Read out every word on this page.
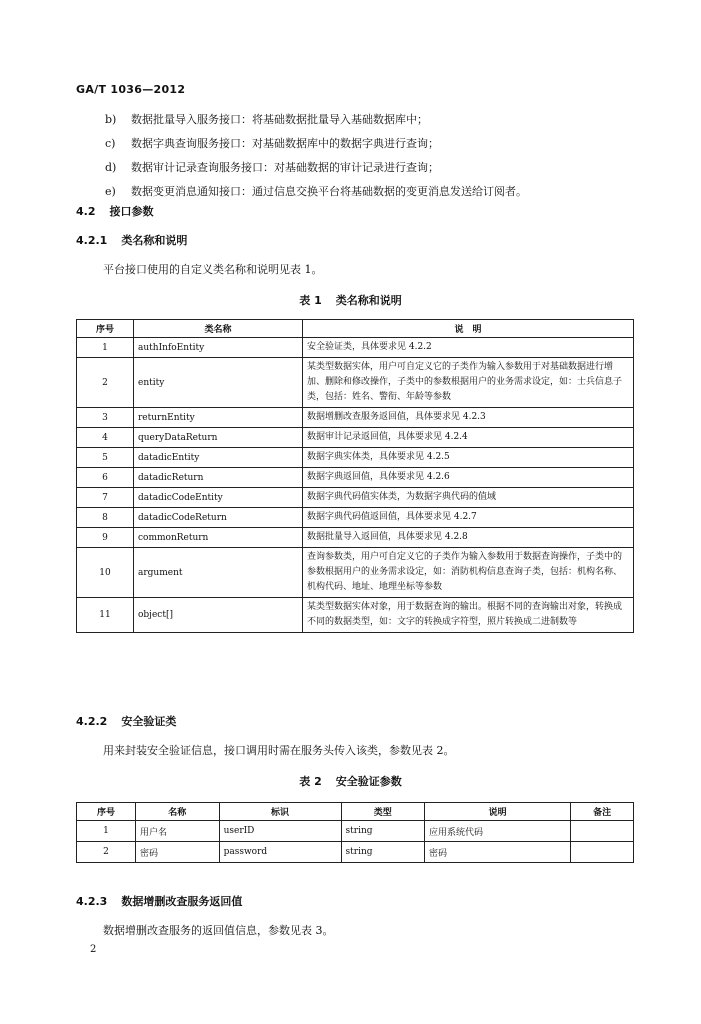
GA/T 1036—2012
b)	数据批量导入服务接口：将基础数据批量导入基础数据库中；
c)	数据字典查询服务接口：对基础数据库中的数据字典进行查询；
d)	数据审计记录查询服务接口：对基础数据的审计记录进行查询；
e)	数据变更消息通知接口：通过信息交换平台将基础数据的变更消息发送给订阅者。
4.2 接口参数
4.2.1 类名称和说明
平台接口使用的自定义类名称和说明见表 1。
表 1 类名称和说明
序号	类名称	说　明
1	authInfoEntity	安全验证类，具体要求见 4.2.2
2	entity	某类型数据实体，用户可自定义它的子类作为输入参数用于对基础数据进行增加、删除和修改操作，子类中的参数根据用户的业务需求设定，如：士兵信息子类，包括：姓名、警衔、年龄等参数
3	returnEntity	数据增删改查服务返回值，具体要求见 4.2.3
4	queryDataReturn	数据审计记录返回值，具体要求见 4.2.4
5	datadicEntity	数据字典实体类，具体要求见 4.2.5
6	datadicReturn	数据字典返回值，具体要求见 4.2.6
7	datadicCodeEntity	数据字典代码值实体类，为数据字典代码的值域
8	datadicCodeReturn	数据字典代码值返回值，具体要求见 4.2.7
9	commonReturn	数据批量导入返回值，具体要求见 4.2.8
10	argument	查询参数类，用户可自定义它的子类作为输入参数用于数据查询操作，子类中的参数根据用户的业务需求设定，如：消防机构信息查询子类，包括：机构名称、机构代码、地址、地理坐标等参数
11	object[]	某类型数据实体对象，用于数据查询的输出。根据不同的查询输出对象，转换成不同的数据类型，如：文字的转换成字符型，照片转换成二进制数等
4.2.2 安全验证类
用来封装安全验证信息，接口调用时需在服务头传入该类，参数见表 2。
表 2 安全验证参数
序号	名称	标识	类型	说明	备注
1	用户名	userID	string	应用系统代码	
2	密码	password	string	密码	
4.2.3 数据增删改查服务返回值
数据增删改查服务的返回值信息，参数见表 3。
2
